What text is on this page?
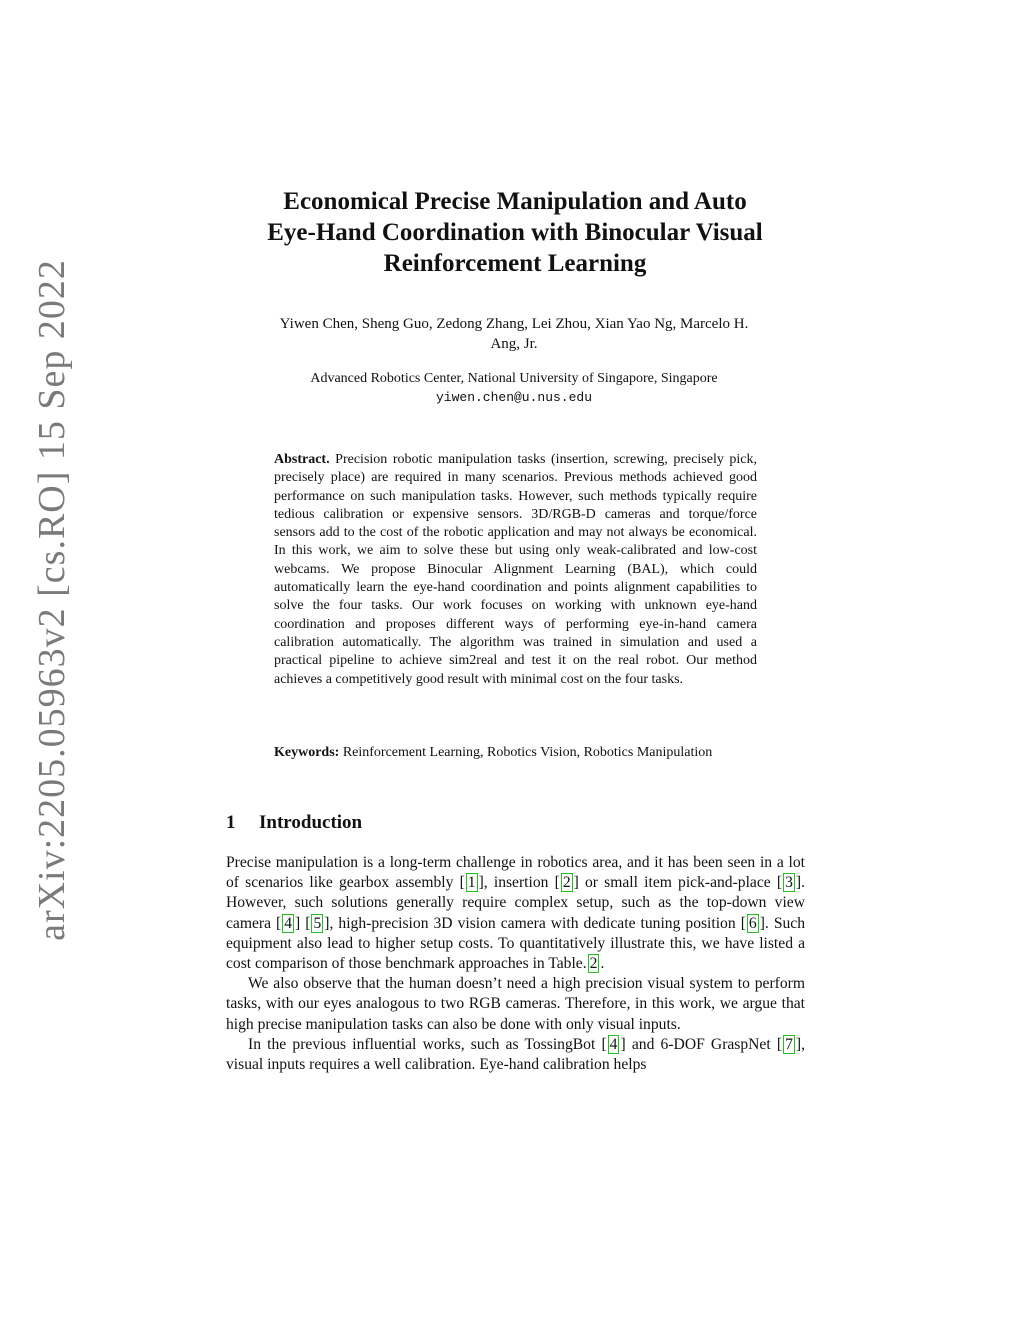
arXiv:2205.05963v2 [cs.RO] 15 Sep 2022
Economical Precise Manipulation and Auto
Eye-Hand Coordination with Binocular Visual
Reinforcement Learning

Yiwen Chen, Sheng Guo, Zedong Zhang, Lei Zhou, Xian Yao Ng, Marcelo H.
Ang, Jr.

Advanced Robotics Center, National University of Singapore, Singapore

yiwen.chen@u.nus.edu

Abstract. Precision robotic manipulation tasks (insertion, screwing, precisely pick, precisely place) are required in many scenarios. Previous methods achieved good performance on such manipulation tasks. However, such methods typically require tedious calibration or expensive sensors. 3D/RGB-D cameras and torque/force sensors add to the cost of the robotic application and may not always be economical. In this work, we aim to solve these but using only weak-calibrated and low-cost webcams. We propose Binocular Alignment Learning (BAL), which could automatically learn the eye-hand coordination and points alignment capabilities to solve the four tasks. Our work focuses on working with unknown eye-hand coordination and proposes different ways of performing eye-in-hand camera calibration automatically. The algorithm was trained in simulation and used a practical pipeline to achieve sim2real and test it on the real robot. Our method achieves a competitively good result with minimal cost on the four tasks.

Keywords: Reinforcement Learning, Robotics Vision, Robotics Manipulation

1 Introduction

Precise manipulation is a long-term challenge in robotics area, and it has been seen in a lot of scenarios like gearbox assembly [ 1 ], insertion [ 2 ] or small item pick-and-place [ 3 ]. However, such solutions generally require complex setup, such as the top-down view camera [ 4 ] [ 5 ], high-precision 3D vision camera with dedicate tuning position [ 6 ]. Such equipment also lead to higher setup costs. To quantitatively illustrate this, we have listed a cost comparison of those benchmark approaches in Table. 2 .

We also observe that the human doesn’t need a high precision visual system to perform tasks, with our eyes analogous to two RGB cameras. Therefore, in this work, we argue that high precise manipulation tasks can also be done with only visual inputs.

In the previous influential works, such as TossingBot [ 4 ] and 6-DOF GraspNet [ 7 ], visual inputs requires a well calibration. Eye-hand calibration helps
